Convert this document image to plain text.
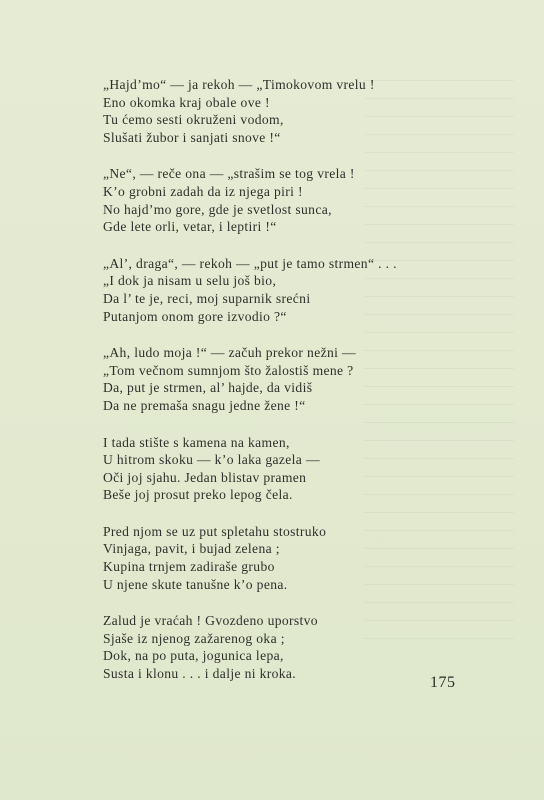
„Hajd’mo“ — ja rekoh — „Timokovom vrelu !
Eno okomka kraj obale ove !
Tu ćemo sesti okruženi vodom,
Slušati žubor i sanjati snove !“
„Ne“, — reče ona — „strašim se tog vrela !
K’o grobni zadah da iz njega piri !
No hajd’mo gore, gde je svetlost sunca,
Gde lete orli, vetar, i leptiri !“
„Al’, draga“, — rekoh — „put je tamo strmen“ . . .
„I dok ja nisam u selu još bio,
Da l’ te je, reci, moj suparnik srećni
Putanjom onom gore izvodio ?“
„Ah, ludo moja !“ — začuh prekor nežni —
„Tom večnom sumnjom što žalostiš mene ?
Da, put je strmen, al’ hajde, da vidiš
Da ne premaša snagu jedne žene !“
I tada stište s kamena na kamen,
U hitrom skoku — k’o laka gazela —
Oči joj sjahu. Jedan blistav pramen
Beše joj prosut preko lepog čela.
Pred njom se uz put spletahu stostruko
Vinjaga, pavit, i bujad zelena ;
Kupina trnjem zadiraše grubo
U njene skute tanušne k’o pena.
Zalud je vraćah ! Gvozdeno uporstvo
Sjaše iz njenog zažarenog oka ;
Dok, na po puta, jogunica lepa,
Susta i klonu . . . i dalje ni kroka.
175
